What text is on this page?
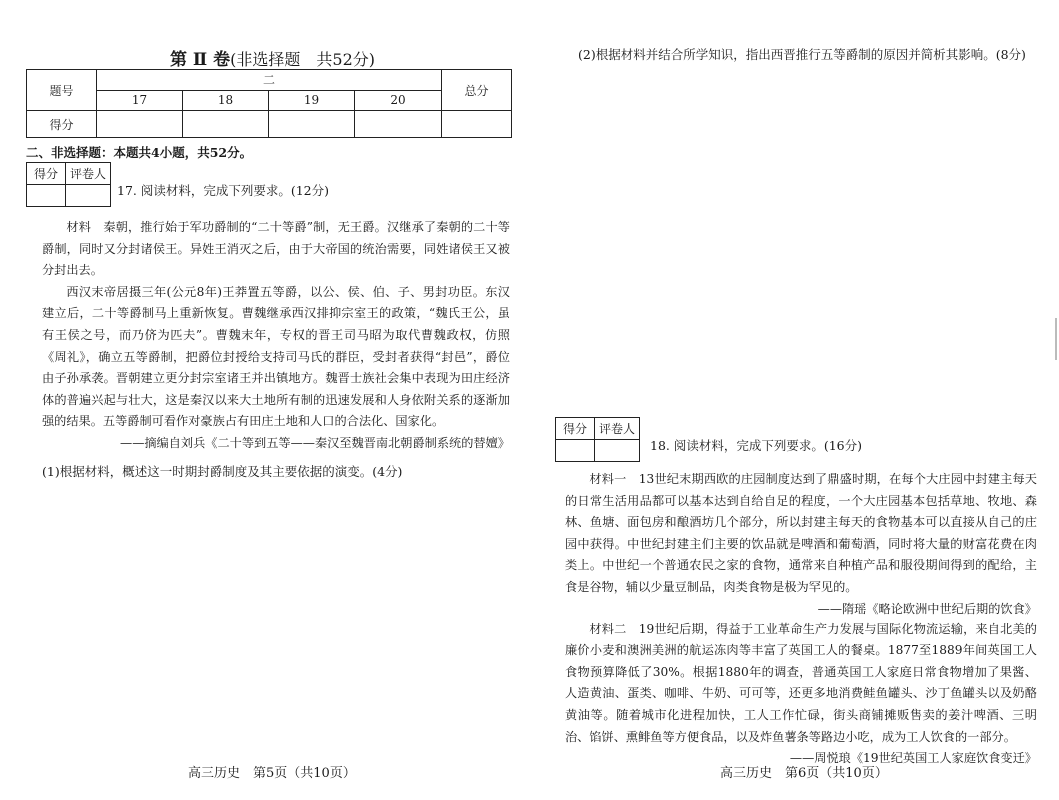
第 Ⅱ 卷(非选择题　共52分)
题号	二				总分
	17	18	19	20	
得分					
二、非选择题：本题共4小题，共52分。
得分	评卷人

17. 阅读材料，完成下列要求。(12分)

材料　秦朝，推行始于军功爵制的“二十等爵”制，无王爵。汉继承了秦朝的二十等爵制，同时又分封诸侯王。异姓王消灭之后，由于大帝国的统治需要，同姓诸侯王又被分封出去。

西汉末帝居摄三年(公元8年)王莽置五等爵，以公、侯、伯、子、男封功臣。东汉建立后，二十等爵制马上重新恢复。曹魏继承西汉排抑宗室王的政策，“魏氏王公，虽有王侯之号，而乃侪为匹夫”。曹魏末年，专权的晋王司马昭为取代曹魏政权，仿照《周礼》，确立五等爵制，把爵位封授给支持司马氏的群臣，受封者获得“封邑”，爵位由子孙承袭。晋朝建立更分封宗室诸王并出镇地方。魏晋士族社会集中表现为田庄经济体的普遍兴起与壮大，这是秦汉以来大土地所有制的迅速发展和人身依附关系的逐渐加强的结果。五等爵制可看作对豪族占有田庄土地和人口的合法化、国家化。

——摘编自刘兵《二十等到五等——秦汉至魏晋南北朝爵制系统的替嬗》
(1)根据材料，概述这一时期封爵制度及其主要依据的演变。(4分)
高三历史　第5页（共10页）
(2)根据材料并结合所学知识，指出西晋推行五等爵制的原因并简析其影响。(8分)
得分	评卷人

18. 阅读材料，完成下列要求。(16分)

材料一　13世纪末期西欧的庄园制度达到了鼎盛时期，在每个大庄园中封建主每天的日常生活用品都可以基本达到自给自足的程度，一个大庄园基本包括草地、牧地、森林、鱼塘、面包房和酿酒坊几个部分，所以封建主每天的食物基本可以直接从自己的庄园中获得。中世纪封建主们主要的饮品就是啤酒和葡萄酒，同时将大量的财富花费在肉类上。中世纪一个普通农民之家的食物，通常来自种植产品和服役期间得到的配给，主食是谷物，辅以少量豆制品，肉类食物是极为罕见的。

——隋瑶《略论欧洲中世纪后期的饮食》

材料二　19世纪后期，得益于工业革命生产力发展与国际化物流运输，来自北美的廉价小麦和澳洲美洲的航运冻肉等丰富了英国工人的餐桌。1877至1889年间英国工人食物预算降低了30%。根据1880年的调查，普通英国工人家庭日常食物增加了果酱、人造黄油、蛋类、咖啡、牛奶、可可等，还更多地消费鲑鱼罐头、沙丁鱼罐头以及奶酪黄油等。随着城市化进程加快，工人工作忙碌，街头商铺摊贩售卖的姜汁啤酒、三明治、馅饼、熏鲱鱼等方便食品，以及炸鱼薯条等路边小吃，成为工人饮食的一部分。

——周悦琅《19世纪英国工人家庭饮食变迁》
高三历史　第6页（共10页）
